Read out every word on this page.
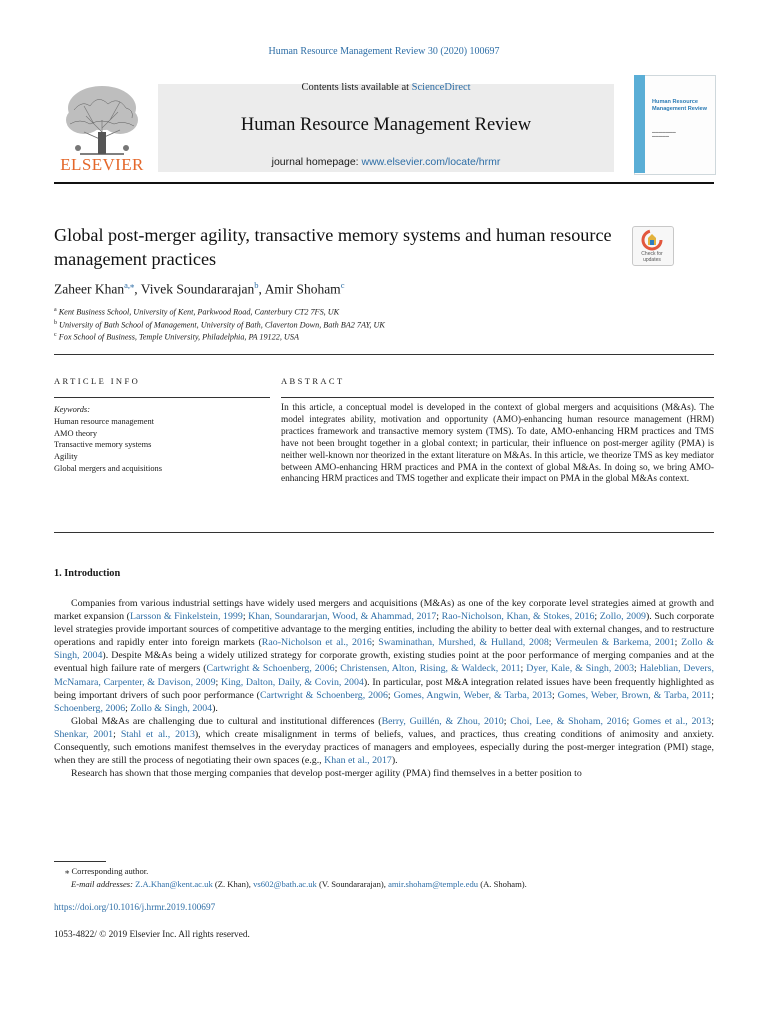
Human Resource Management Review 30 (2020) 100697
Contents lists available at ScienceDirect
Human Resource Management Review
journal homepage: www.elsevier.com/locate/hrmr
ELSEVIER
Human Resource Management Review
▬▬▬▬▬▬▬
▬▬▬▬▬
Global post-merger agility, transactive memory systems and human resource management practices	Check for updates
Zaheer Khan$^{a,⁎}$, Vivek Soundararajan$^b$, Amir Shoham$^c$
$^a$ Kent Business School, University of Kent, Parkwood Road, Canterbury CT2 7FS, UK
$^b$ University of Bath School of Management, University of Bath, Claverton Down, Bath BA2 7AY, UK
$^c$ Fox School of Business, Temple University, Philadelphia, PA 19122, USA
ARTICLE INFO	ABSTRACT
Keywords:
Human resource management
AMO theory
Transactive memory systems
Agility
Global mergers and acquisitions
In this article, a conceptual model is developed in the context of global mergers and acquisitions (M&As). The model integrates ability, motivation and opportunity (AMO)-enhancing human resource management (HRM) practices framework and transactive memory system (TMS). To date, AMO-enhancing HRM practices and TMS have not been brought together in a global context; in particular, their influence on post-merger agility (PMA) is neither well-known nor theorized in the extant literature on M&As. In this article, we theorize TMS as key mediator between AMO-enhancing HRM practices and PMA in the context of global M&As. In doing so, we bring AMO-enhancing HRM practices and TMS together and explicate their impact on PMA in the global M&As context.
1. Introduction

Companies from various industrial settings have widely used mergers and acquisitions (M&As) as one of the key corporate level strategies aimed at growth and market expansion (Larsson & Finkelstein, 1999; Khan, Soundararjan, Wood, & Ahammad, 2017; Rao-Nicholson, Khan, & Stokes, 2016; Zollo, 2009). Such corporate level strategies provide important sources of competitive advantage to the merging entities, including the ability to better deal with external changes, and to restructure operations and rapidly enter into foreign markets (Rao-Nicholson et al., 2016; Swaminathan, Murshed, & Hulland, 2008; Vermeulen & Barkema, 2001; Zollo & Singh, 2004). Despite M&As being a widely utilized strategy for corporate growth, existing studies point at the poor performance of merging companies and at the eventual high failure rate of mergers (Cartwright & Schoenberg, 2006; Christensen, Alton, Rising, & Waldeck, 2011; Dyer, Kale, & Singh, 2003; Haleblian, Devers, McNamara, Carpenter, & Davison, 2009; King, Dalton, Daily, & Covin, 2004). In particular, post M&A integration related issues have been frequently highlighted as being important drivers of such poor performance (Cartwright & Schoenberg, 2006; Gomes, Angwin, Weber, & Tarba, 2013; Gomes, Weber, Brown, & Tarba, 2011; Schoenberg, 2006; Zollo & Singh, 2004).

Global M&As are challenging due to cultural and institutional differences (Berry, Guillén, & Zhou, 2010; Choi, Lee, & Shoham, 2016; Gomes et al., 2013; Shenkar, 2001; Stahl et al., 2013), which create misalignment in terms of beliefs, values, and practices, thus creating conditions of animosity and anxiety. Consequently, such emotions manifest themselves in the everyday practices of managers and employees, especially during the post-merger integration (PMI) stage, when they are still the process of negotiating their own spaces (e.g., Khan et al., 2017).

Research has shown that those merging companies that develop post-merger agility (PMA) find themselves in a better position to

⁎ Corresponding author.
E-mail addresses: Z.A.Khan@kent.ac.uk (Z. Khan), vs602@bath.ac.uk (V. Soundararajan), amir.shoham@temple.edu (A. Shoham).
https://doi.org/10.1016/j.hrmr.2019.100697
1053-4822/ © 2019 Elsevier Inc. All rights reserved.
